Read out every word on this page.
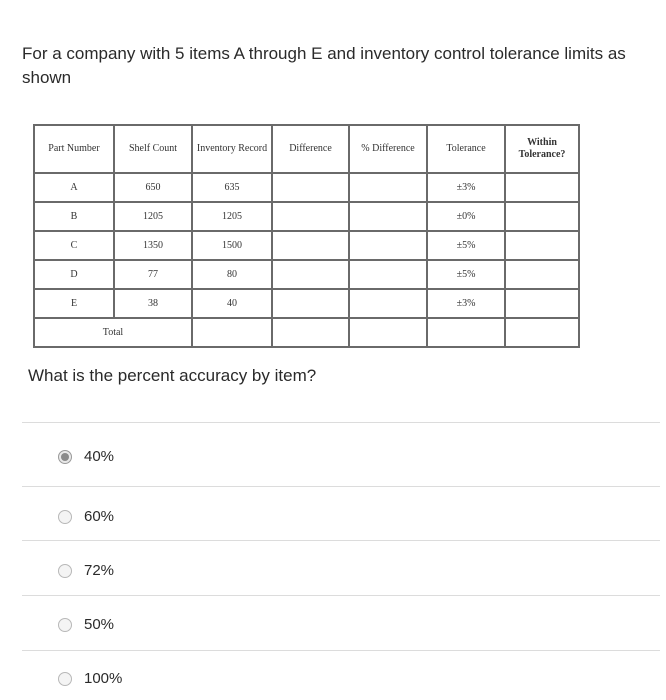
For a company with 5 items A through E and inventory control tolerance limits as shown
Part Number	Shelf Count	Inventory Record	Difference	% Difference	Tolerance	Within Tolerance?
A	650	635			±3%	
B	1205	1205			±0%	
C	1350	1500			±5%	
D	77	80			±5%	
E	38	40			±3%	
Total						
What is the percent accuracy by item?
40%
60%
72%
50%
100%
